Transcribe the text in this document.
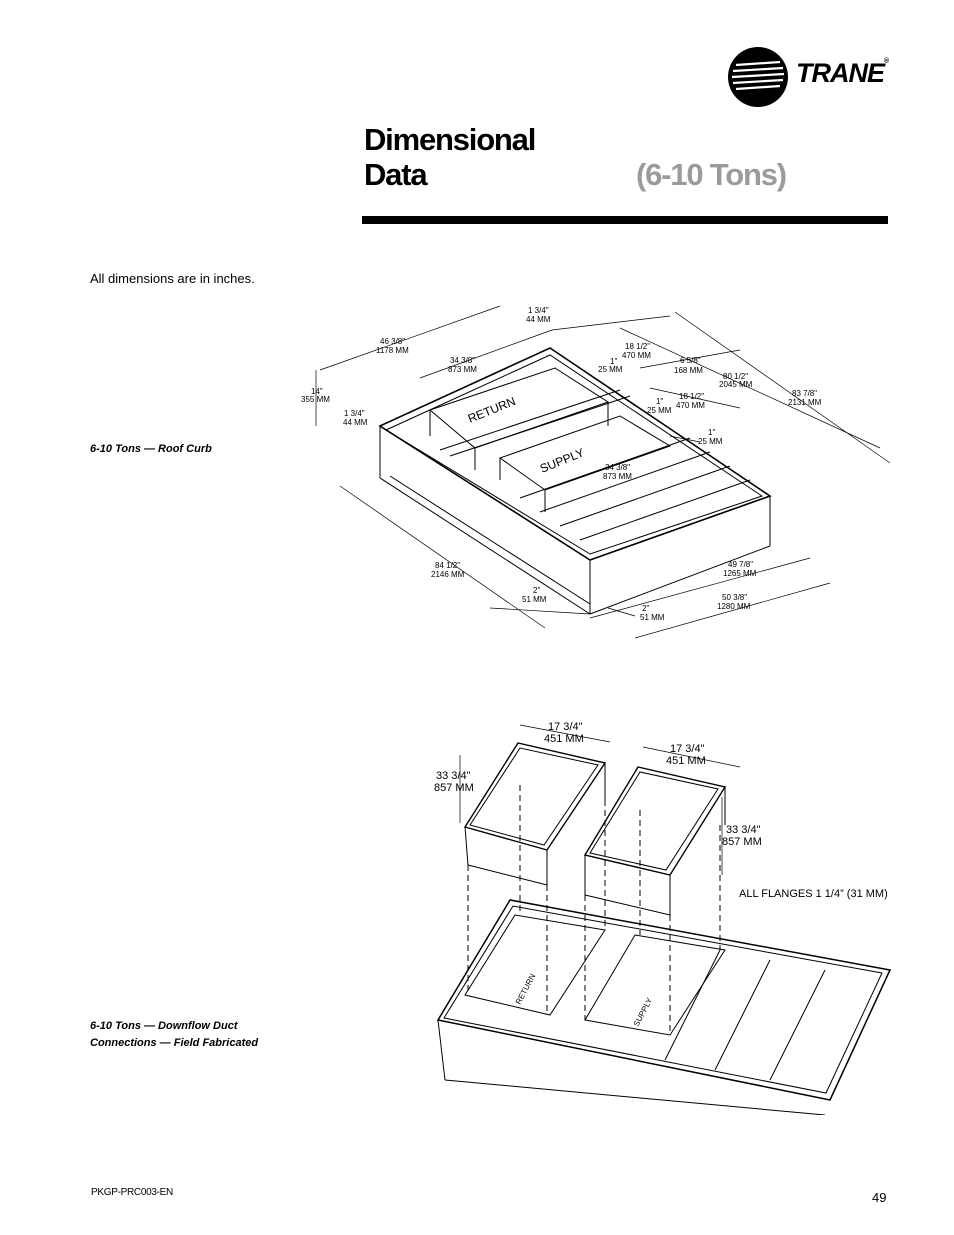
TRANE®
Dimensional
Data	(6-10 Tons)
All dimensions are in inches.
6-10 Tons — Roof Curb
RETURN
SUPPLY
1 3/4"
44 MM
46 3/8"
1178 MM
34 3/8"
873 MM
18 1/2"
470 MM
1"
25 MM
6 5/8"
168 MM
80 1/2"
2045 MM
83 7/8"
2131 MM
14"
355 MM
1 3/4"
44 MM
1"
25 MM
18 1/2"
470 MM
1"
25 MM
34 3/8"
873 MM
84 1/2"
2146 MM
2"
51 MM
49 7/8"
1265 MM
50 3/8"
1280 MM
2"
51 MM
6-10 Tons — Downflow Duct
Connections — Field Fabricated
ALL FLANGES 1 1/4” (31 MM)
RETURN
SUPPLY
17 3/4"
451 MM
17 3/4"
451 MM
33 3/4"
857 MM
33 3/4"
857 MM
PKGP-PRC003-EN	49
